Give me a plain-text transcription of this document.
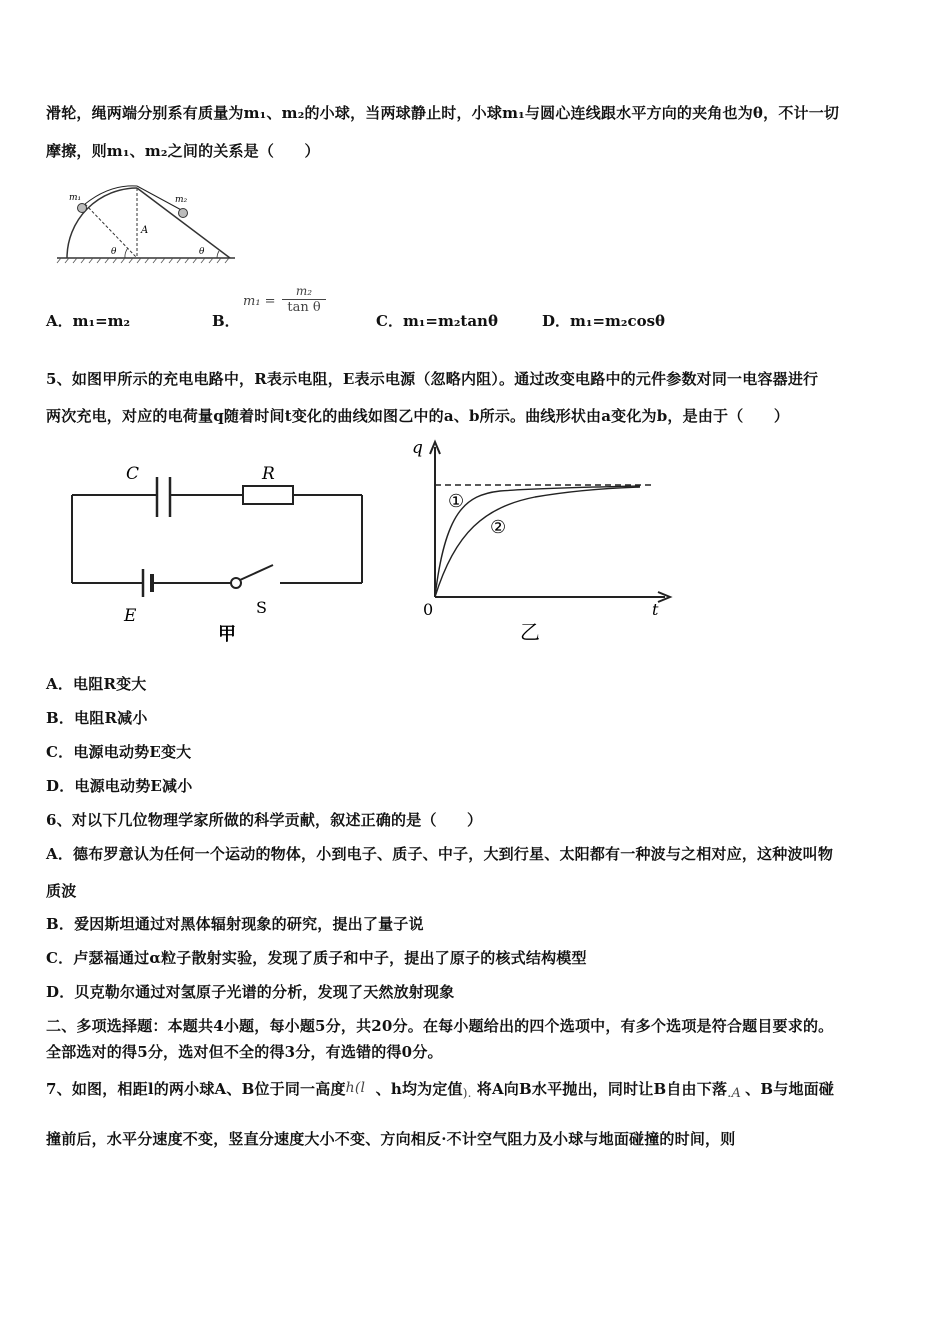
滑轮，绳两端分别系有质量为m₁、m₂的小球，当两球静止时，小球m₁与圆心连线跟水平方向的夹角也为θ，不计一切
摩擦，则m₁、m₂之间的关系是（　　）
m₁	m₂
A
θ	θ
A．m₁=m₂	B．
$m_1 = \frac{\text{m₂}}{\text{tan θ}}$
C．m₁=m₂tanθ	D．m₁=m₂cosθ
5、如图甲所示的充电电路中，R表示电阻，E表示电源（忽略内阻）。通过改变电路中的元件参数对同一电容器进行
两次充电，对应的电荷量q随着时间t变化的曲线如图乙中的a、b所示。曲线形状由a变化为b，是由于（　　）
C	R
E	S
甲
q
t
0
①
②
乙
A．电阻R变大
B．电阻R减小
C．电源电动势E变大
D．电源电动势E减小
6、对以下几位物理学家所做的科学贡献，叙述正确的是（　　）
A．德布罗意认为任何一个运动的物体，小到电子、质子、中子，大到行星、太阳都有一种波与之相对应，这种波叫物
质波
B．爱因斯坦通过对黑体辐射现象的研究，提出了量子说
C．卢瑟福通过α粒子散射实验，发现了质子和中子，提出了原子的核式结构模型
D．贝克勒尔通过对氢原子光谱的分析，发现了天然放射现象
二、多项选择题：本题共4小题，每小题5分，共20分。在每小题给出的四个选项中，有多个选项是符合题目要求的。
全部选对的得5分，选对但不全的得3分，有选错的得0分。
7、如图，相距l的两小球A、B位于同一高度 h(l 、h均为定值 ). 将A向B水平抛出，同时让B自由下落 .A 、B与地面碰
撞前后，水平分速度不变，竖直分速度大小不变、方向相反·不计空气阻力及小球与地面碰撞的时间，则
